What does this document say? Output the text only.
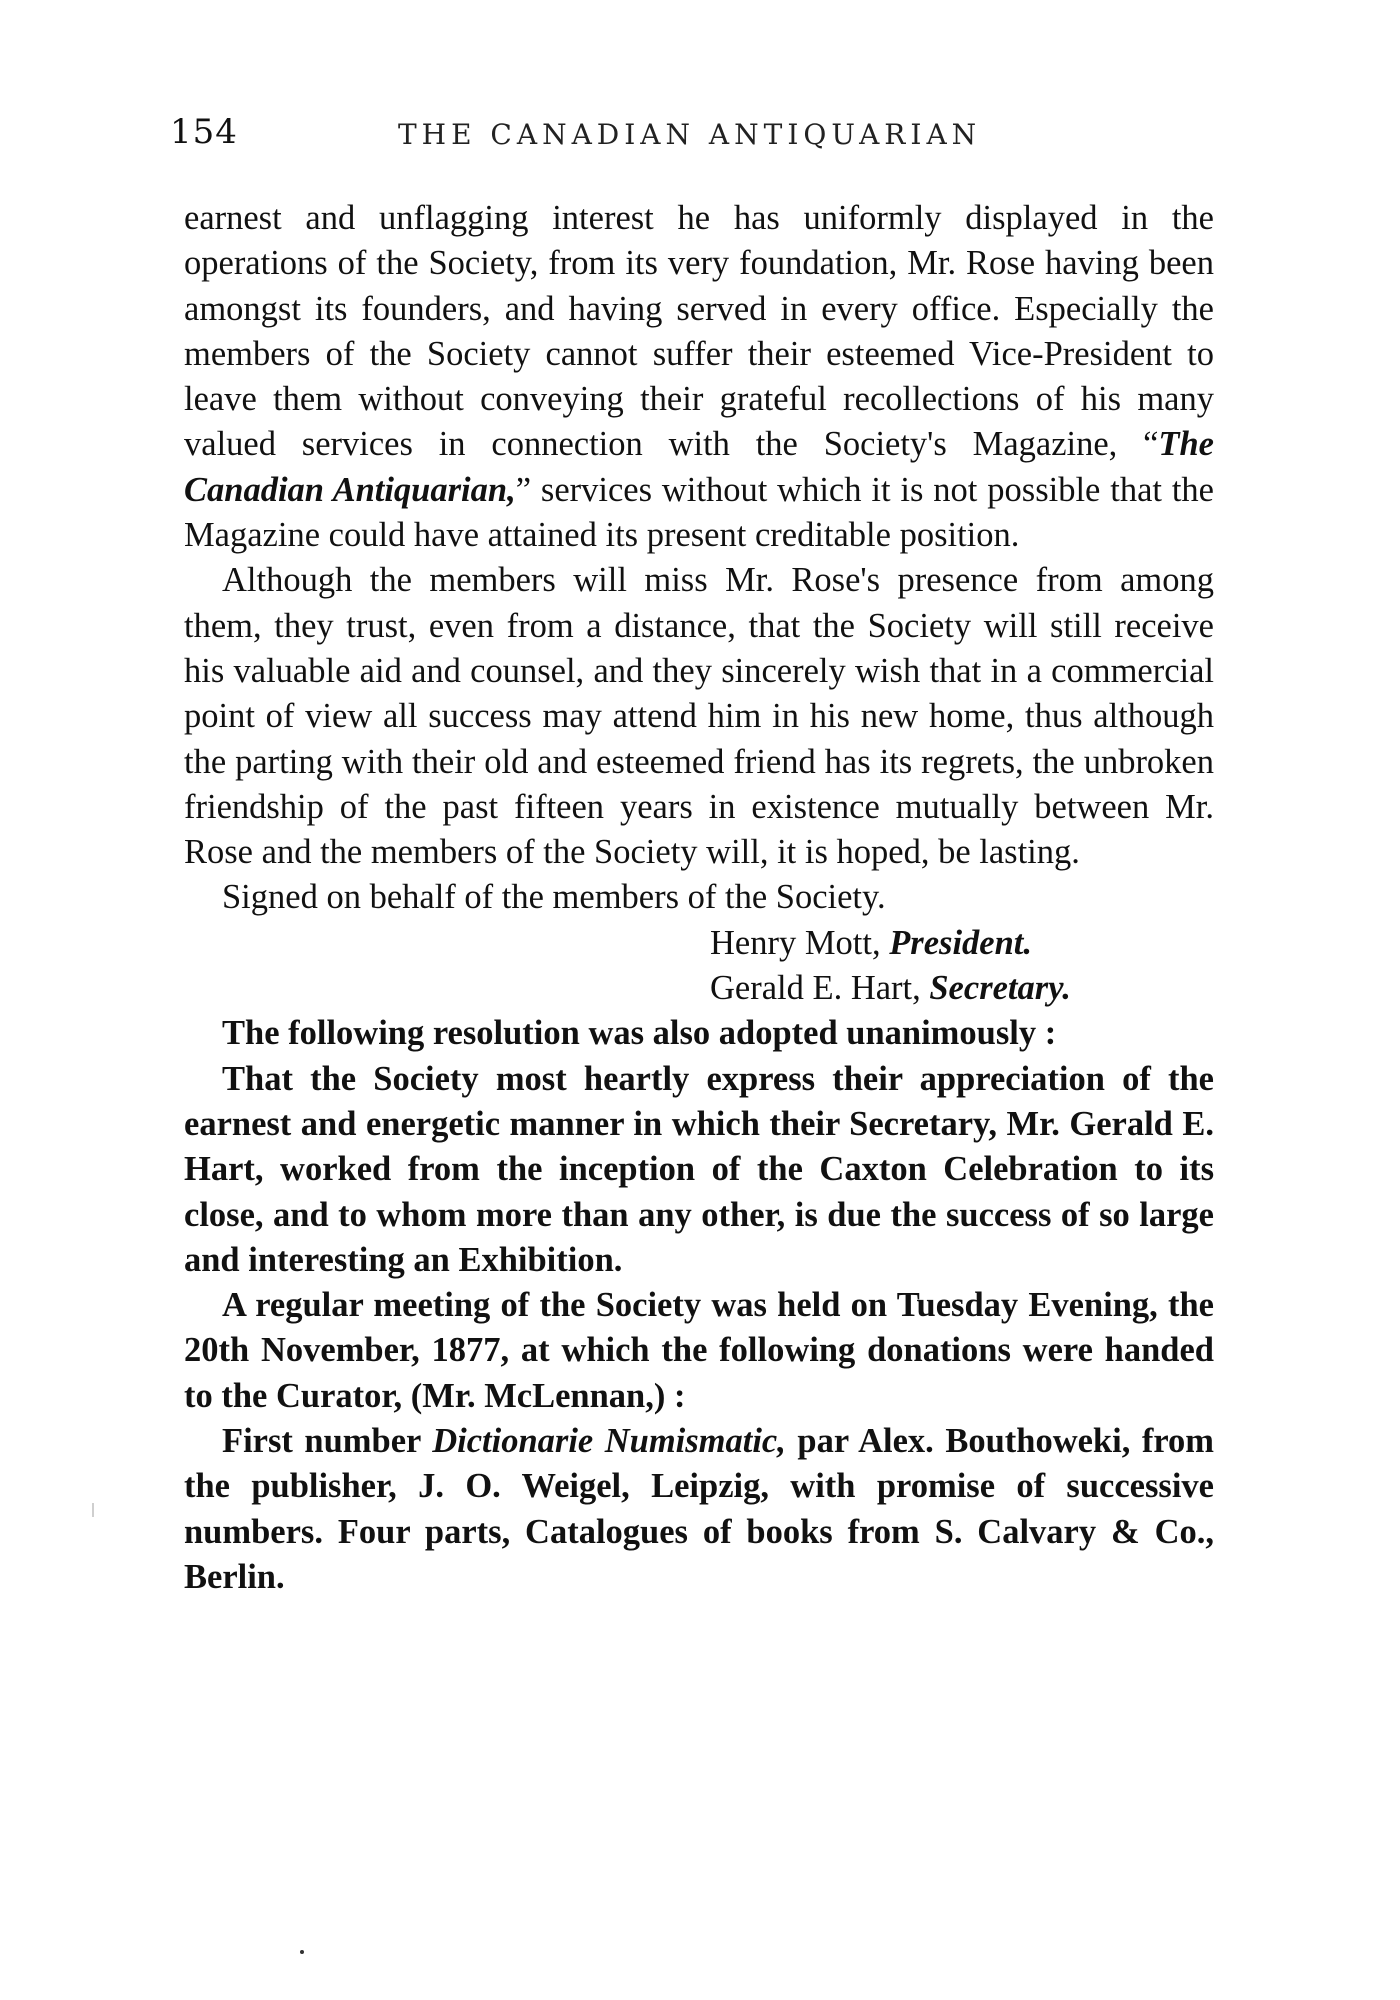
154	THE CANADIAN ANTIQUARIAN

earnest and unflagging interest he has uniformly displayed in the operations of the Society, from its very foundation, Mr. Rose having been amongst its founders, and having served in every office. Especially the members of the Society cannot suffer their esteemed Vice-President to leave them without conveying their grateful recollections of his many valued services in connection with the Society's Magazine, “The Canadian Antiquarian,” services without which it is not possible that the Magazine could have attained its present creditable position.

Although the members will miss Mr. Rose's presence from among them, they trust, even from a distance, that the Society will still receive his valuable aid and counsel, and they sincerely wish that in a commercial point of view all success may attend him in his new home, thus although the parting with their old and esteemed friend has its regrets, the unbroken friendship of the past fifteen years in existence mutually between Mr. Rose and the members of the Society will, it is hoped, be lasting.

Signed on behalf of the members of the Society.

Henry Mott, President.

Gerald E. Hart, Secretary.

The following resolution was also adopted unanimously :

That the Society most heartly express their appreciation of the earnest and energetic manner in which their Secretary, Mr. Gerald E. Hart, worked from the inception of the Caxton Celebration to its close, and to whom more than any other, is due the success of so large and interesting an Exhibition.

A regular meeting of the Society was held on Tuesday Evening, the 20th November, 1877, at which the following donations were handed to the Curator, (Mr. McLennan,) :

First number Dictionarie Numismatic, par Alex. Bouthoweki, from the publisher, J. O. Weigel, Leipzig, with promise of successive numbers. Four parts, Catalogues of books from S. Calvary & Co., Berlin.
